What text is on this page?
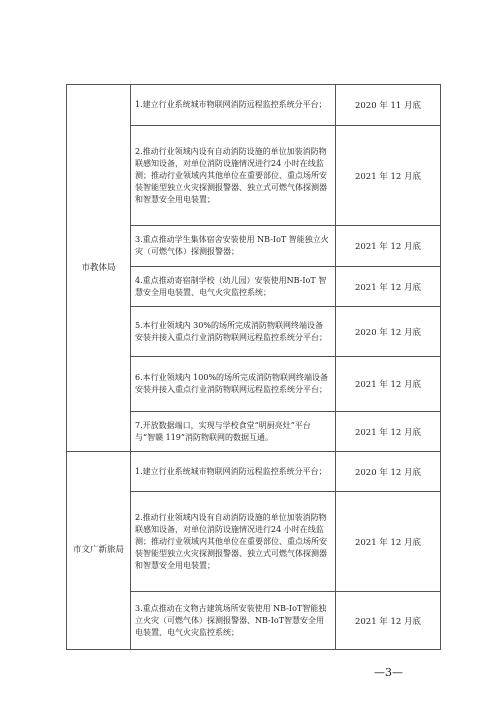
市教体局	1.建立行业系统城市物联网消防远程监控系统分平台；	2020 年 11 月底
	2.推动行业领域内设有自动消防设施的单位加装消防物联感知设备，对单位消防设施情况进行24 小时在线监测；推动行业领域内其他单位在重要部位、重点场所安装智能型独立火灾探测报警器、独立式可燃气体探测器和智慧安全用电装置；	2021 年 12 月底
	3.重点推动学生集体宿舍安装使用 NB-IoT 智能独立火灾（可燃气体）探测报警器；	2021 年 12 月底
	4.重点推动寄宿制学校（幼儿园）安装使用NB-IoT 智慧安全用电装置、电气火灾监控系统；	2021 年 12 月底
	5.本行业领域内 30%的场所完成消防物联网终端设备安装并接入重点行业消防物联网远程监控系统分平台；	2020 年 12 月底
	6.本行业领域内 100%的场所完成消防物联网终端设备安装并接入重点行业消防物联网远程监控系统分平台；	2021 年 12 月底
	7.开放数据端口，实现与学校食堂“明厨亮灶”平台与“智赣 119”消防物联网的数据互通。	2021 年 12 月底
市文广新旅局	1.建立行业系统城市物联网消防远程监控系统分平台；	2020 年 12 月底
	2.推动行业领域内设有自动消防设施的单位加装消防物联感知设备，对单位消防设施情况进行24 小时在线监测；推动行业领域内其他单位在重要部位、重点场所安装智能型独立火灾探测报警器、独立式可燃气体探测器和智慧安全用电装置；	2021 年 12 月底
	3.重点推动在文物古建筑场所安装使用 NB-IoT智能独立火灾（可燃气体）探测报警器、NB-IoT智慧安全用电装置、电气火灾监控系统；	2021 年 12 月底
—3—
